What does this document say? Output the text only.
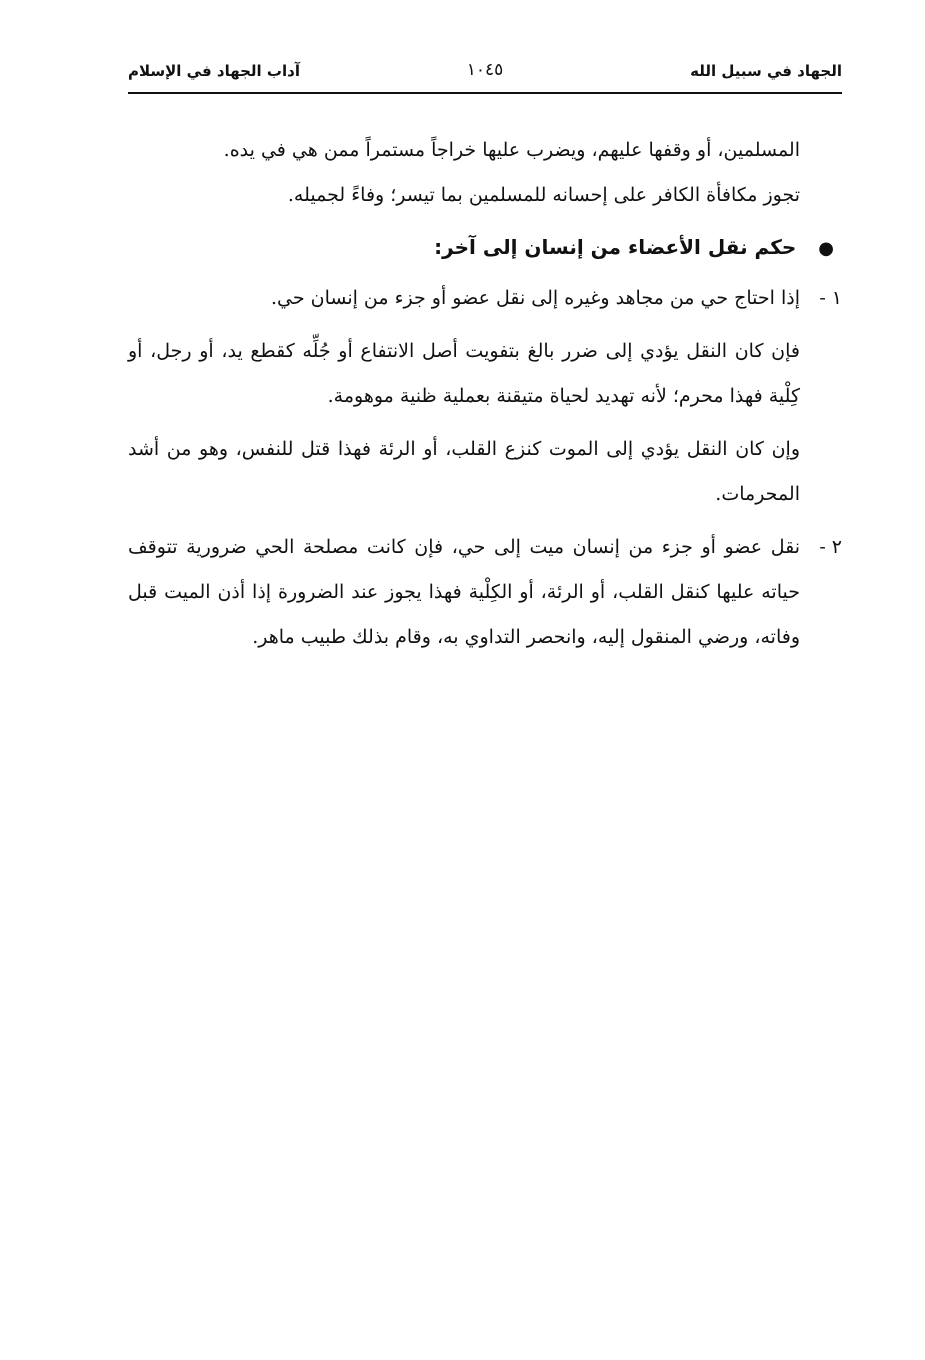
الجهاد في سبيل الله
١٠٤٥
آداب الجهاد في الإسلام

المسلمين، أو وقفها عليهم، ويضرب عليها خراجاً مستمراً ممن هي في يده.

تجوز مكافأة الكافر على إحسانه للمسلمين بما تيسر؛ وفاءً لجميله.

●حكم نقل الأعضاء من إنسان إلى آخر:

١ -
إذا احتاج حي من مجاهد وغيره إلى نقل عضو أو جزء من إنسان حي.

فإن كان النقل يؤدي إلى ضرر بالغ بتفويت أصل الانتفاع أو جُلِّه كقطع يد، أو رجل، أو كِلْية فهذا محرم؛ لأنه تهديد لحياة متيقنة بعملية ظنية موهومة.

وإن كان النقل يؤدي إلى الموت كنزع القلب، أو الرئة فهذا قتل للنفس، وهو من أشد المحرمات.

٢ -
نقل عضو أو جزء من إنسان ميت إلى حي، فإن كانت مصلحة الحي ضرورية تتوقف حياته عليها كنقل القلب، أو الرئة، أو الكِلْية فهذا يجوز عند الضرورة إذا أذن الميت قبل وفاته، ورضي المنقول إليه، وانحصر التداوي به، وقام بذلك طبيب ماهر.
